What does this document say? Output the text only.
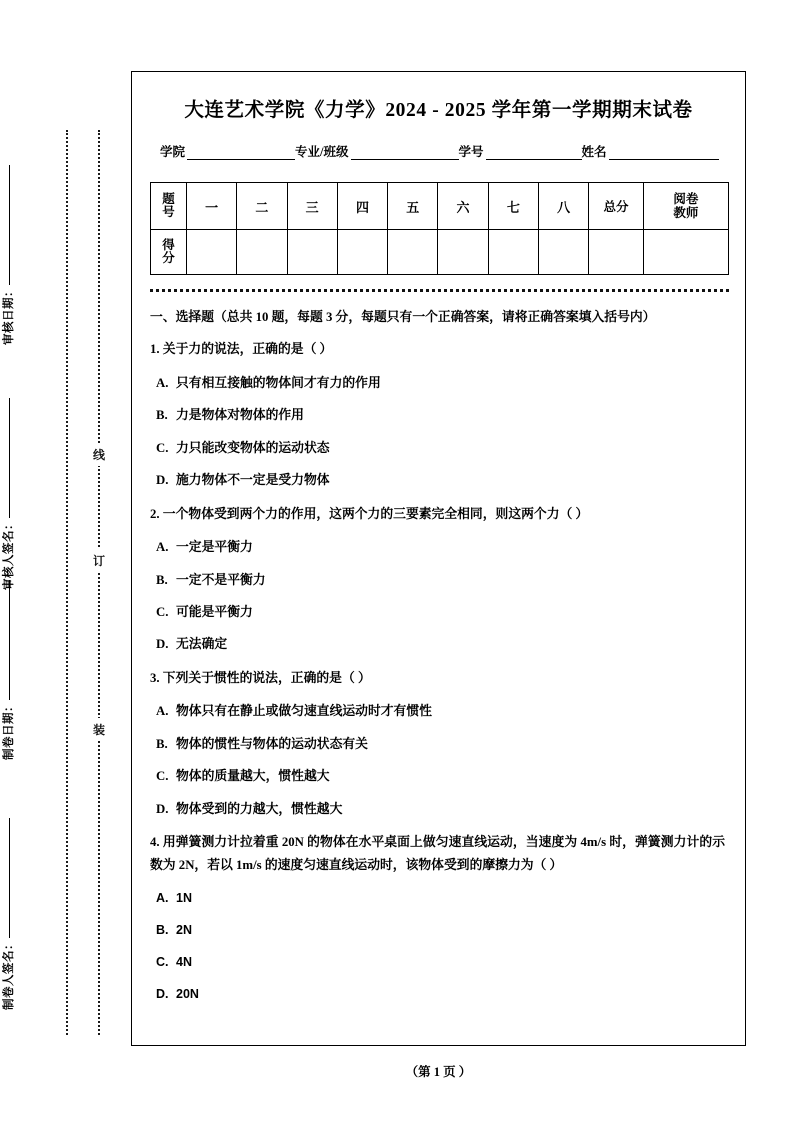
审核日期：
审核人签名：
制卷日期：
制卷人签名：
线
订
装
大连艺术学院《力学》2024 - 2025 学年第一学期期末试卷
学院	专业/班级	学号	姓名
题
号	一	二	三	四	五	六	七	八	总分	阅卷
教师

得
分										

一、选择题（总共 10 题，每题 3 分，每题只有一个正确答案，请将正确答案填入括号内）
1. 关于力的说法，正确的是（ ）
A. 只有相互接触的物体间才有力的作用
B. 力是物体对物体的作用
C. 力只能改变物体的运动状态
D. 施力物体不一定是受力物体
2. 一个物体受到两个力的作用，这两个力的三要素完全相同，则这两个力（ ）
A. 一定是平衡力
B. 一定不是平衡力
C. 可能是平衡力
D. 无法确定
3. 下列关于惯性的说法，正确的是（ ）
A. 物体只有在静止或做匀速直线运动时才有惯性
B. 物体的惯性与物体的运动状态有关
C. 物体的质量越大，惯性越大
D. 物体受到的力越大，惯性越大
4. 用弹簧测力计拉着重 20N 的物体在水平桌面上做匀速直线运动，当速度为 4m/s 时，弹簧测力计的示数为 2N，若以 1m/s 的速度匀速直线运动时，该物体受到的摩擦力为（ ）
A. 1N
B. 2N
C. 4N
D. 20N
（第 1 页 ）
